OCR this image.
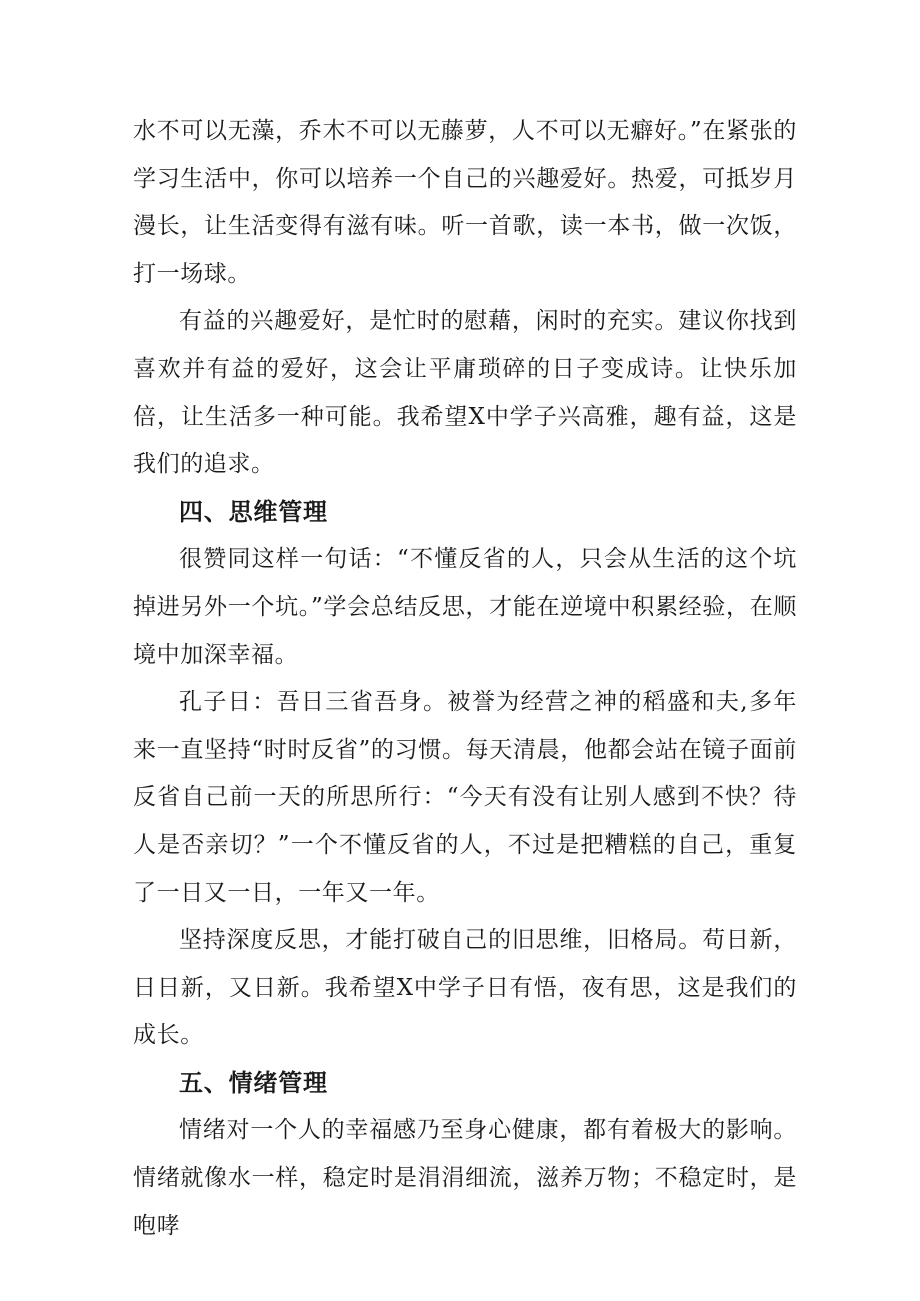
水不可以无藻，乔木不可以无藤萝，人不可以无癖好。”在紧张的学习生活中，你可以培养一个自己的兴趣爱好。热爱，可抵岁月漫长，让生活变得有滋有味。听一首歌，读一本书，做一次饭，打一场球。

有益的兴趣爱好，是忙时的慰藉，闲时的充实。建议你找到喜欢并有益的爱好，这会让平庸琐碎的日子变成诗。让快乐加倍，让生活多一种可能。我希望X中学子兴高雅，趣有益，这是我们的追求。

四、思维管理

很赞同这样一句话：“不懂反省的人，只会从生活的这个坑掉进另外一个坑。”学会总结反思，才能在逆境中积累经验，在顺境中加深幸福。

孔子日：吾日三省吾身。被誉为经营之神的稻盛和夫,多年来一直坚持“时时反省”的习惯。每天清晨，他都会站在镜子面前反省自己前一天的所思所行：“今天有没有让别人感到不快？待人是否亲切？”一个不懂反省的人，不过是把糟糕的自己，重复了一日又一日，一年又一年。

坚持深度反思，才能打破自己的旧思维，旧格局。苟日新，日日新，又日新。我希望X中学子日有悟，夜有思，这是我们的成长。

五、情绪管理

情绪对一个人的幸福感乃至身心健康，都有着极大的影响。情绪就像水一样，稳定时是涓涓细流，滋养万物；不稳定时，是咆哮
